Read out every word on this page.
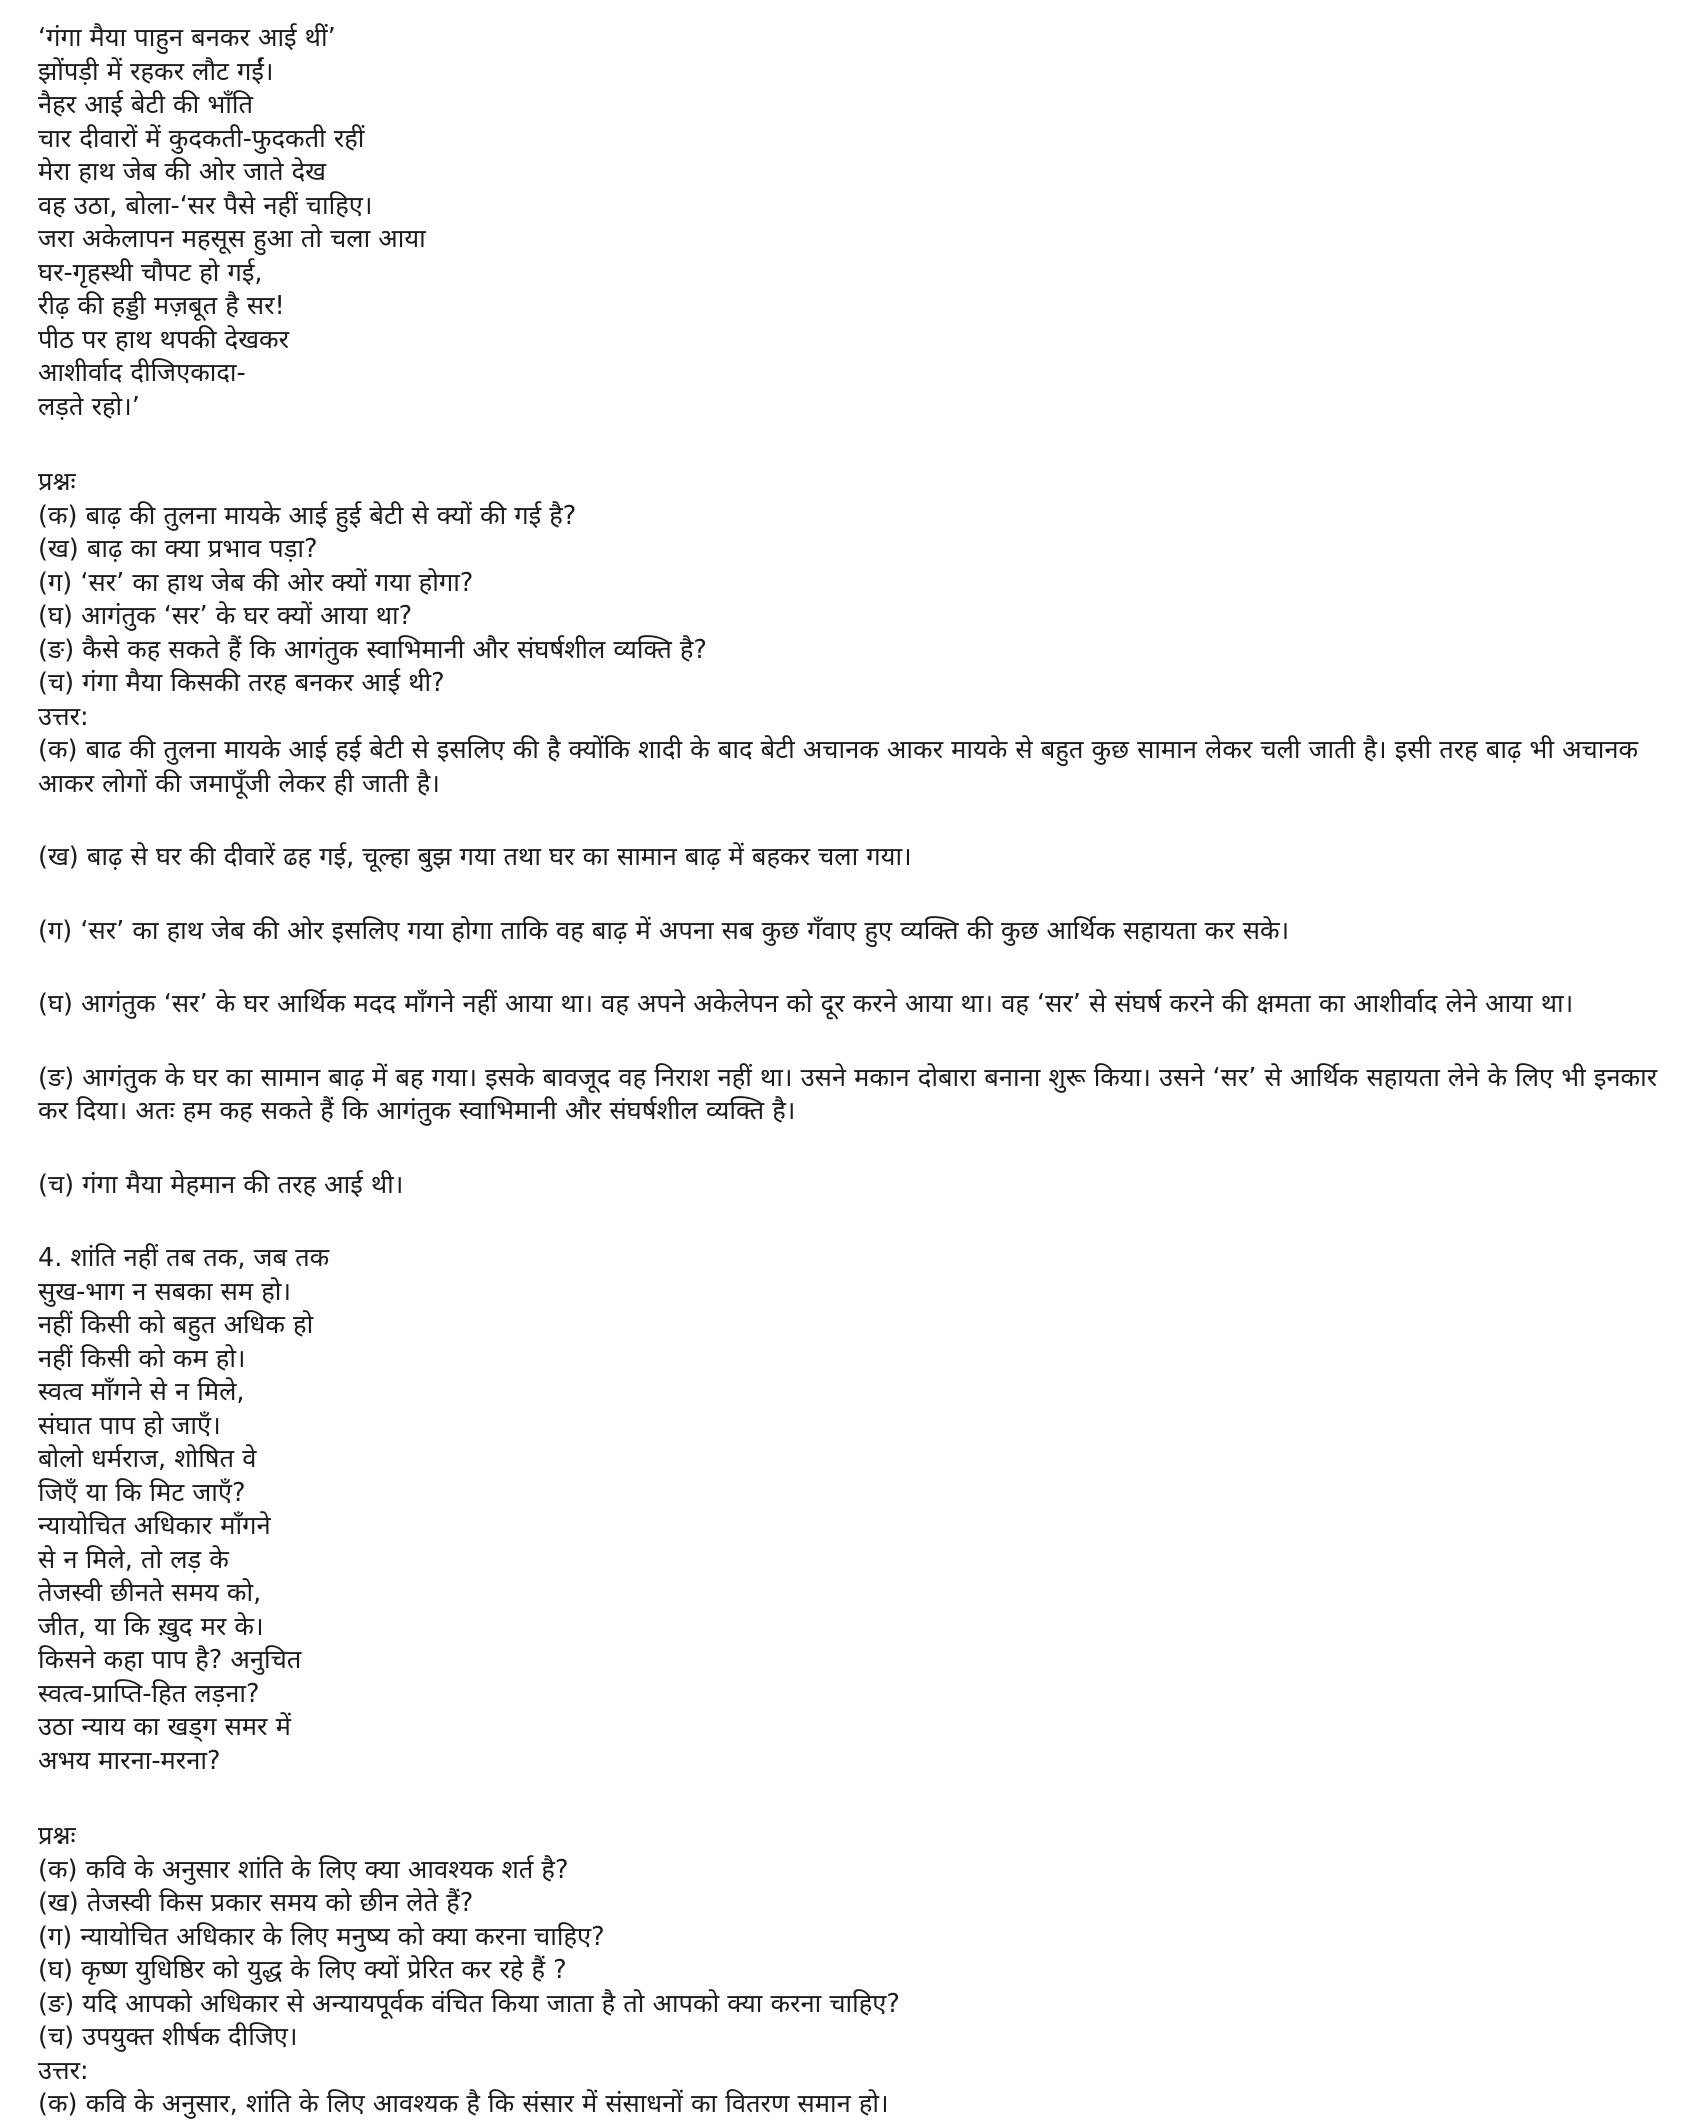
‘गंगा मैया पाहुन बनकर आई थीं’
झोंपड़ी में रहकर लौट गईं।
नैहर आई बेटी की भाँति
चार दीवारों में कुदकती-फुदकती रहीं
मेरा हाथ जेब की ओर जाते देख
वह उठा, बोला-‘सर पैसे नहीं चाहिए।
जरा अकेलापन महसूस हुआ तो चला आया
घर-गृहस्थी चौपट हो गई,
रीढ़ की हड्डी मज़बूत है सर!
पीठ पर हाथ थपकी देखकर
आशीर्वाद दीजिएकादा-
लड़ते रहो।’
प्रश्नः
(क) बाढ़ की तुलना मायके आई हुई बेटी से क्यों की गई है?
(ख) बाढ़ का क्या प्रभाव पड़ा?
(ग) ‘सर’ का हाथ जेब की ओर क्यों गया होगा?
(घ) आगंतुक ‘सर’ के घर क्यों आया था?
(ङ) कैसे कह सकते हैं कि आगंतुक स्वाभिमानी और संघर्षशील व्यक्ति है?
(च) गंगा मैया किसकी तरह बनकर आई थी?
उत्तर:
(क) बाढ की तुलना मायके आई हई बेटी से इसलिए की है क्योंकि शादी के बाद बेटी अचानक आकर मायके से बहुत कुछ सामान लेकर चली जाती है। इसी तरह बाढ़ भी अचानक आकर लोगों की जमापूँजी लेकर ही जाती है।
(ख) बाढ़ से घर की दीवारें ढह गई, चूल्हा बुझ गया तथा घर का सामान बाढ़ में बहकर चला गया।
(ग) ‘सर’ का हाथ जेब की ओर इसलिए गया होगा ताकि वह बाढ़ में अपना सब कुछ गँवाए हुए व्यक्ति की कुछ आर्थिक सहायता कर सके।
(घ) आगंतुक ‘सर’ के घर आर्थिक मदद माँगने नहीं आया था। वह अपने अकेलेपन को दूर करने आया था। वह ‘सर’ से संघर्ष करने की क्षमता का आशीर्वाद लेने आया था।
(ङ) आगंतुक के घर का सामान बाढ़ में बह गया। इसके बावजूद वह निराश नहीं था। उसने मकान दोबारा बनाना शुरू किया। उसने ‘सर’ से आर्थिक सहायता लेने के लिए भी इनकार कर दिया। अतः हम कह सकते हैं कि आगंतुक स्वाभिमानी और संघर्षशील व्यक्ति है।
(च) गंगा मैया मेहमान की तरह आई थी।
4. शांति नहीं तब तक, जब तक
सुख-भाग न सबका सम हो।
नहीं किसी को बहुत अधिक हो
नहीं किसी को कम हो।
स्वत्व माँगने से न मिले,
संघात पाप हो जाएँ।
बोलो धर्मराज, शोषित वे
जिएँ या कि मिट जाएँ?
न्यायोचित अधिकार माँगने
से न मिले, तो लड़ के
तेजस्वी छीनते समय को,
जीत, या कि ख़ुद मर के।
किसने कहा पाप है? अनुचित
स्वत्व-प्राप्ति-हित लड़ना?
उठा न्याय का खड्ग समर में
अभय मारना-मरना?
प्रश्नः
(क) कवि के अनुसार शांति के लिए क्या आवश्यक शर्त है?
(ख) तेजस्वी किस प्रकार समय को छीन लेते हैं?
(ग) न्यायोचित अधिकार के लिए मनुष्य को क्या करना चाहिए?
(घ) कृष्ण युधिष्ठिर को युद्ध के लिए क्यों प्रेरित कर रहे हैं ?
(ङ) यदि आपको अधिकार से अन्यायपूर्वक वंचित किया जाता है तो आपको क्या करना चाहिए?
(च) उपयुक्त शीर्षक दीजिए।
उत्तर:
(क) कवि के अनुसार, शांति के लिए आवश्यक है कि संसार में संसाधनों का वितरण समान हो।
